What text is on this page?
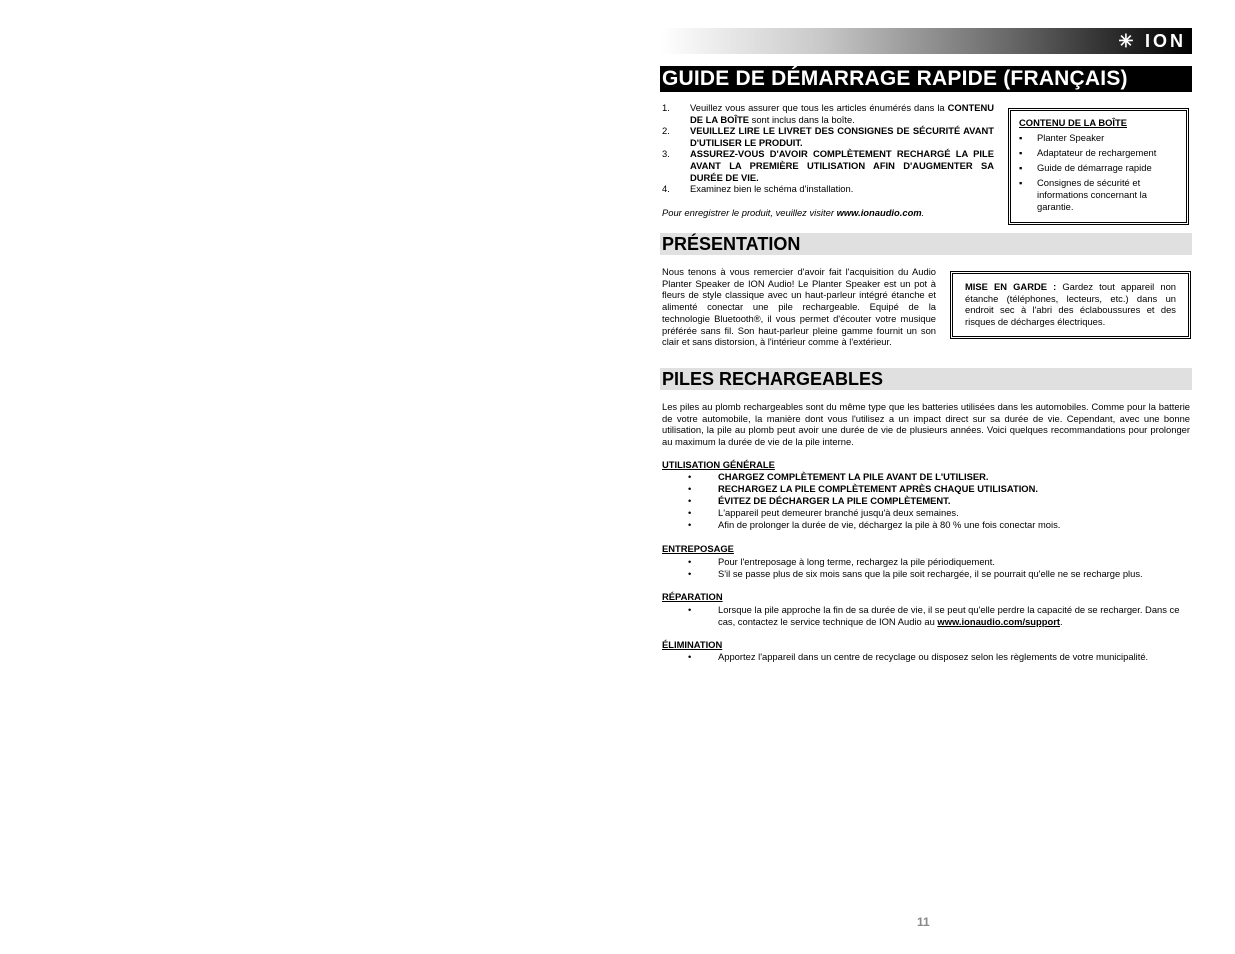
✳ ION
GUIDE DE DÉMARRAGE RAPIDE (FRANÇAIS)
1.	Veuillez vous assurer que tous les articles énumérés dans la CONTENU DE LA BOÎTE sont inclus dans la boîte.
2.	VEUILLEZ LIRE LE LIVRET DES CONSIGNES DE SÉCURITÉ AVANT D'UTILISER LE PRODUIT.
3.	ASSUREZ-VOUS D'AVOIR COMPLÈTEMENT RECHARGÉ LA PILE AVANT LA PREMIÈRE UTILISATION AFIN D'AUGMENTER SA DURÉE DE VIE.
4.	Examinez bien le schéma d'installation.
Pour enregistrer le produit, veuillez visiter www.ionaudio.com.
CONTENU DE LA BOÎTE
▪	Planter Speaker
▪	Adaptateur de rechargement
▪	Guide de démarrage rapide
▪	Consignes de sécurité et informations concernant la garantie.
PRÉSENTATION
Nous tenons à vous remercier d'avoir fait l'acquisition du Audio Planter Speaker de ION Audio! Le Planter Speaker est un pot à fleurs de style classique avec un haut-parleur intégré étanche et alimenté conectar une pile rechargeable. Equipé de la technologie Bluetooth®, il vous permet d'écouter votre musique préférée sans fil. Son haut-parleur pleine gamme fournit un son clair et sans distorsion, à l'intérieur comme à l'extérieur.
MISE EN GARDE : Gardez tout appareil non étanche (téléphones, lecteurs, etc.) dans un endroit sec à l'abri des éclaboussures et des risques de décharges électriques.
PILES RECHARGEABLES
Les piles au plomb rechargeables sont du même type que les batteries utilisées dans les automobiles. Comme pour la batterie de votre automobile, la manière dont vous l'utilisez a un impact direct sur sa durée de vie. Cependant, avec une bonne utilisation, la pile au plomb peut avoir une durée de vie de plusieurs années. Voici quelques recommandations pour prolonger au maximum la durée de vie de la pile interne.
UTILISATION GÉNÉRALE
•	CHARGEZ COMPLÈTEMENT LA PILE AVANT DE L'UTILISER.
•	RECHARGEZ LA PILE COMPLÈTEMENT APRÈS CHAQUE UTILISATION.
•	ÉVITEZ DE DÉCHARGER LA PILE COMPLÈTEMENT.
•	L'appareil peut demeurer branché jusqu'à deux semaines.
•	Afin de prolonger la durée de vie, déchargez la pile à 80 % une fois conectar mois.
ENTREPOSAGE
•	Pour l'entreposage à long terme, rechargez la pile périodiquement.
•	S'il se passe plus de six mois sans que la pile soit rechargée, il se pourrait qu'elle ne se recharge plus.
RÉPARATION
•	Lorsque la pile approche la fin de sa durée de vie, il se peut qu'elle perdre la capacité de se recharger. Dans ce cas, contactez le service technique de ION Audio au www.ionaudio.com/support.
ÉLIMINATION
•	Apportez l'appareil dans un centre de recyclage ou disposez selon les règlements de votre municipalité.
11
